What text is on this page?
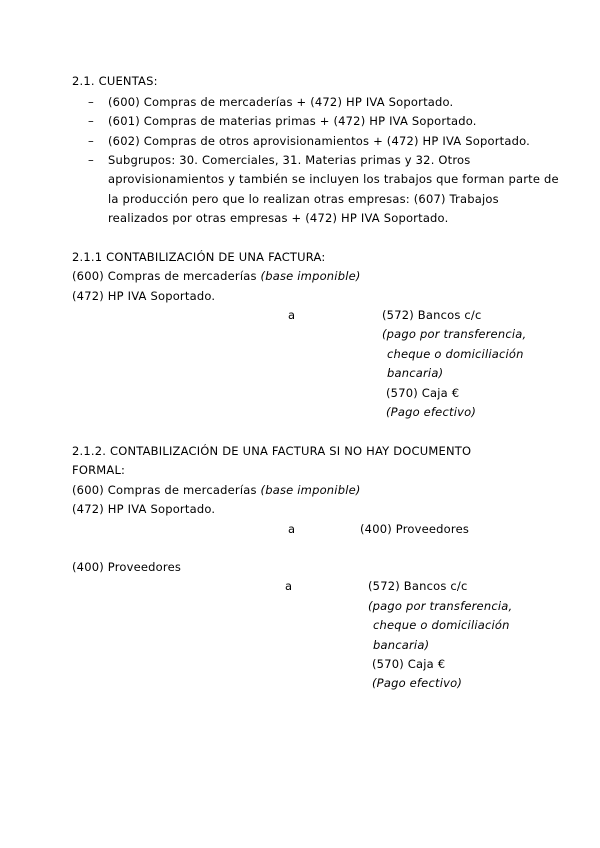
2.1. CUENTAS:
– (600) Compras de mercaderías + (472) HP IVA Soportado.
– (601) Compras de materias primas + (472) HP IVA Soportado.
– (602) Compras de otros aprovisionamientos + (472) HP IVA Soportado.
– Subgrupos: 30. Comerciales, 31. Materias primas y 32. Otros
aprovisionamientos y también se incluyen los trabajos que forman parte de
la producción pero que lo realizan otras empresas: (607) Trabajos
realizados por otras empresas + (472) HP IVA Soportado.
2.1.1 CONTABILIZACIÓN DE UNA FACTURA:
(600) Compras de mercaderías (base imponible)
(472) HP IVA Soportado.
a	(572) Bancos c/c
(pago por transferencia,
cheque o domiciliación
bancaria)
(570) Caja €
(Pago efectivo)
2.1.2. CONTABILIZACIÓN DE UNA FACTURA SI NO HAY DOCUMENTO
FORMAL:
(600) Compras de mercaderías (base imponible)
(472) HP IVA Soportado.
a	(400) Proveedores
(400) Proveedores
a	(572) Bancos c/c
(pago por transferencia,
cheque o domiciliación
bancaria)
(570) Caja €
(Pago efectivo)
